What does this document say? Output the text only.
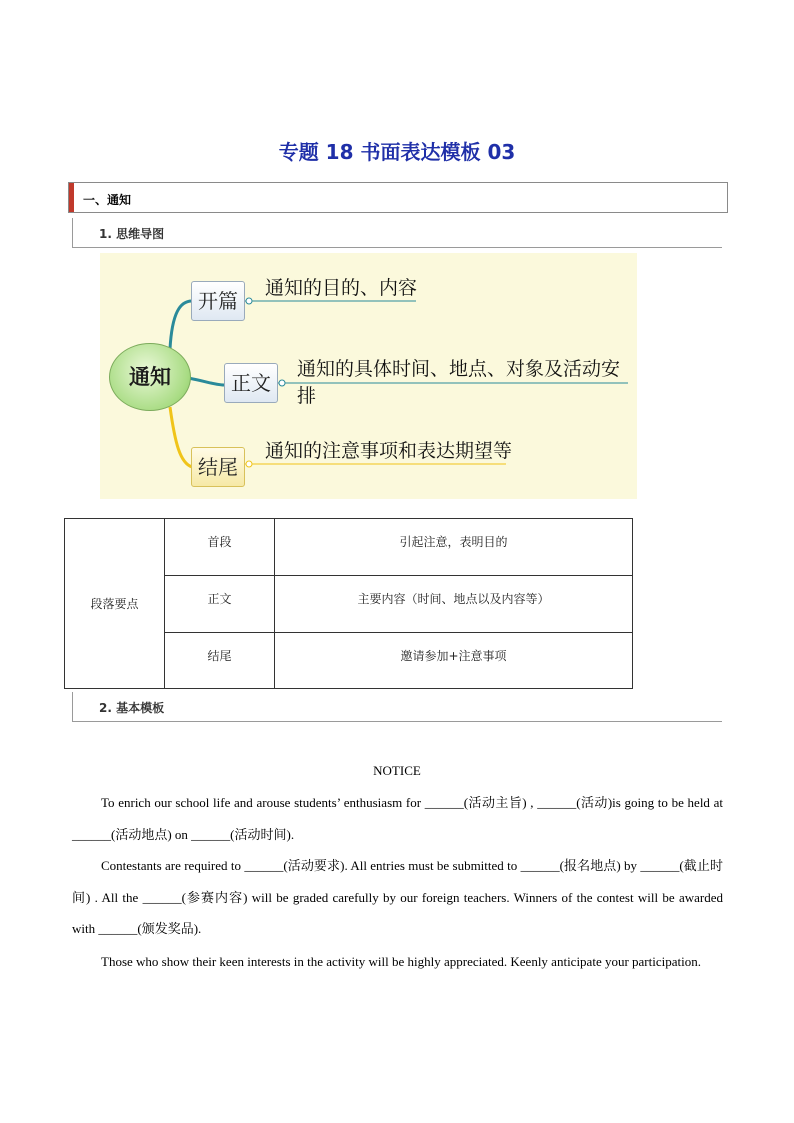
专题 18 书面表达模板 03
一、通知
1. 思维导图
通知
开篇
通知的目的、内容
正文
通知的具体时间、地点、对象及活动安排
结尾
通知的注意事项和表达期望等
段落要点	首段	引起注意，表明目的
	正文	主要内容（时间、地点以及内容等）
	结尾	邀请参加+注意事项
2. 基本模板
NOTICE
To enrich our school life and arouse students’ enthusiasm for ______(活动主旨) , ______(活动)is going to be held at ______(活动地点) on ______(活动时间).
Contestants are required to ______(活动要求). All entries must be submitted to ______(报名地点) by ______(截止时间) . All the ______(参赛内容) will be graded carefully by our foreign teachers. Winners of the contest will be awarded with ______(颁发奖品).
Those who show their keen interests in the activity will be highly appreciated. Keenly anticipate your participation.
